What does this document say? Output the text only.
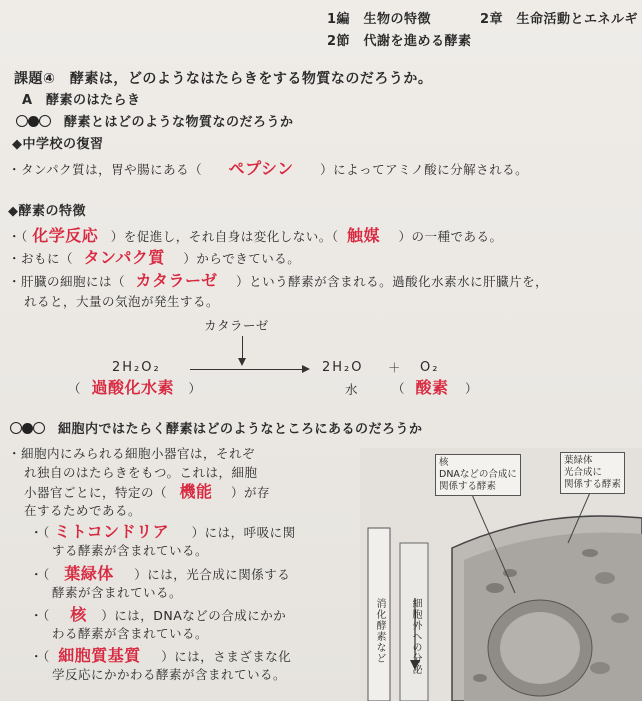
1編　生物の特徴	2章　生命活動とエネルギ
2節　代謝を進める酵素
課題④　酵素は，どのようなはたらきをする物質なのだろうか。
A　酵素のはたらき
酵素とはどのような物質なのだろうか
◆中学校の復習
・タンパク質は，胃や腸にある（ ペプシン ）によってアミノ酸に分解される。
◆酵素の特徴
・（ 化学反応 ）を促進し，それ自身は変化しない。（ 触媒 ）の一種である。
・おもに（ タンパク質 ）からできている。
・肝臓の細胞には（ カタラーゼ ）という酵素が含まれる。過酸化水素水に肝臓片を，
れると，大量の気泡が発生する。
カタラーゼ
2H₂O₂	2H₂O ＋ O₂
（ 過酸化水素 ）	水	（ 酸素 ）
細胞内ではたらく酵素はどのようなところにあるのだろうか
・細胞内にみられる細胞小器官は，それぞ
れ独自のはたらきをもつ。これは，細胞
小器官ごとに，特定の（ 機能 ）が存
在するためである。
・（ ミトコンドリア ）には，呼吸に関
する酵素が含まれている。
・（ 葉緑体 ）には，光合成に関係する
酵素が含まれている。
・（ 核 ）には，DNAなどの合成にかか
わる酵素が含まれている。
・（ 細胞質基質 ）には，さまざまな化
学反応にかかわる酵素が含まれている。
核
DNAなどの合成に
関係する酵素
葉緑体
光合成に
関係する酵素
消化酵素など	細胞外への分泌
